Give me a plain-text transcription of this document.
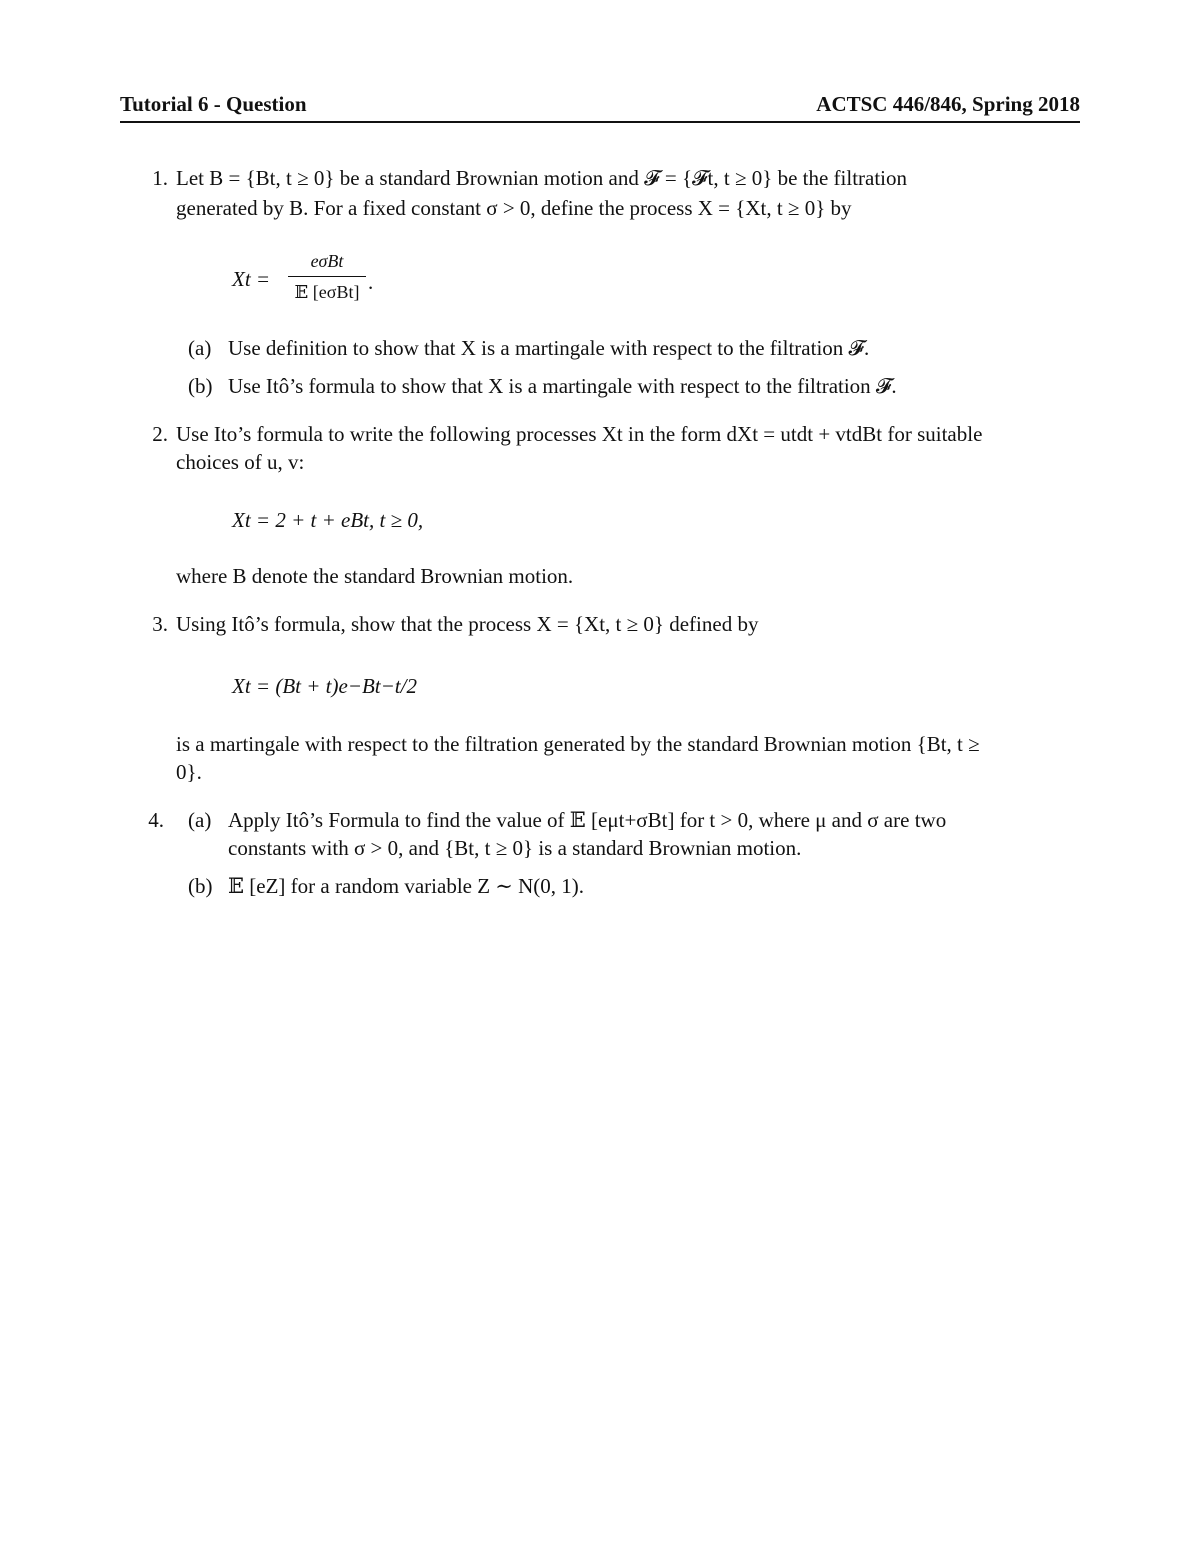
Tutorial 6 - Question	ACTSC 446/846, Spring 2018
1. Let B = {Bt, t ≥ 0} be a standard Brownian motion and 𝓕 = {𝓕t, t ≥ 0} be the filtration
generated by B. For a fixed constant σ > 0, define the process X = {Xt, t ≥ 0} by
Xt =
eσBt
𝔼 [eσBt] .
(a) Use definition to show that X is a martingale with respect to the filtration 𝓕.
(b) Use Itô’s formula to show that X is a martingale with respect to the filtration 𝓕.
2. Use Ito’s formula to write the following processes Xt in the form dXt = utdt + vtdBt for suitable
choices of u, v:
Xt = 2 + t + eBt, t ≥ 0,
where B denote the standard Brownian motion.
3. Using Itô’s formula, show that the process X = {Xt, t ≥ 0} defined by
Xt = (Bt + t)e−Bt−t/2
is a martingale with respect to the filtration generated by the standard Brownian motion {Bt, t ≥
0}.
4. (a) Apply Itô’s Formula to find the value of 𝔼 [eμt+σBt] for t > 0, where μ and σ are two
constants with σ > 0, and {Bt, t ≥ 0} is a standard Brownian motion.
(b) 𝔼 [eZ] for a random variable Z ∼ N(0, 1).
